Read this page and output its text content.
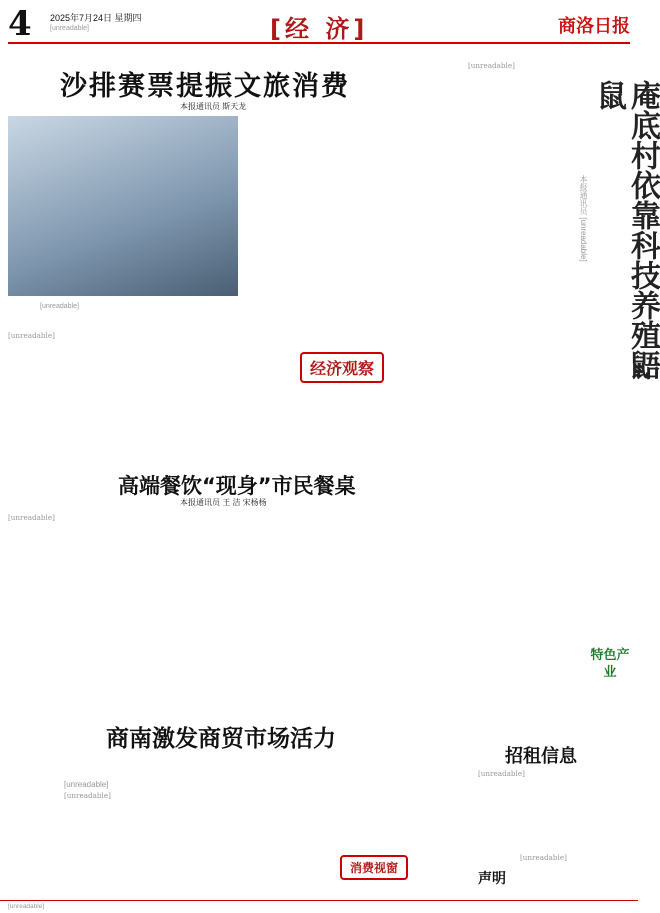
4 2025年7月24日 星期四
[unreadable]	[经 济]	商洛日报
沙排赛票提振文旅消费
本报通讯员 斯天龙
[unreadable]
[unreadable]	庵底村依靠科技养殖鼯鼠
本报通讯员 [unreadable]
[unreadable]
特色产业
高端餐饮“现身”市民餐桌
本报通讯员 王 洁 宋杨杨
[unreadable]
商南激发商贸市场活力
[unreadable]
[unreadable]
经济观察
消费视窗
招租信息
[unreadable]
声明
[unreadable]
[unreadable]
